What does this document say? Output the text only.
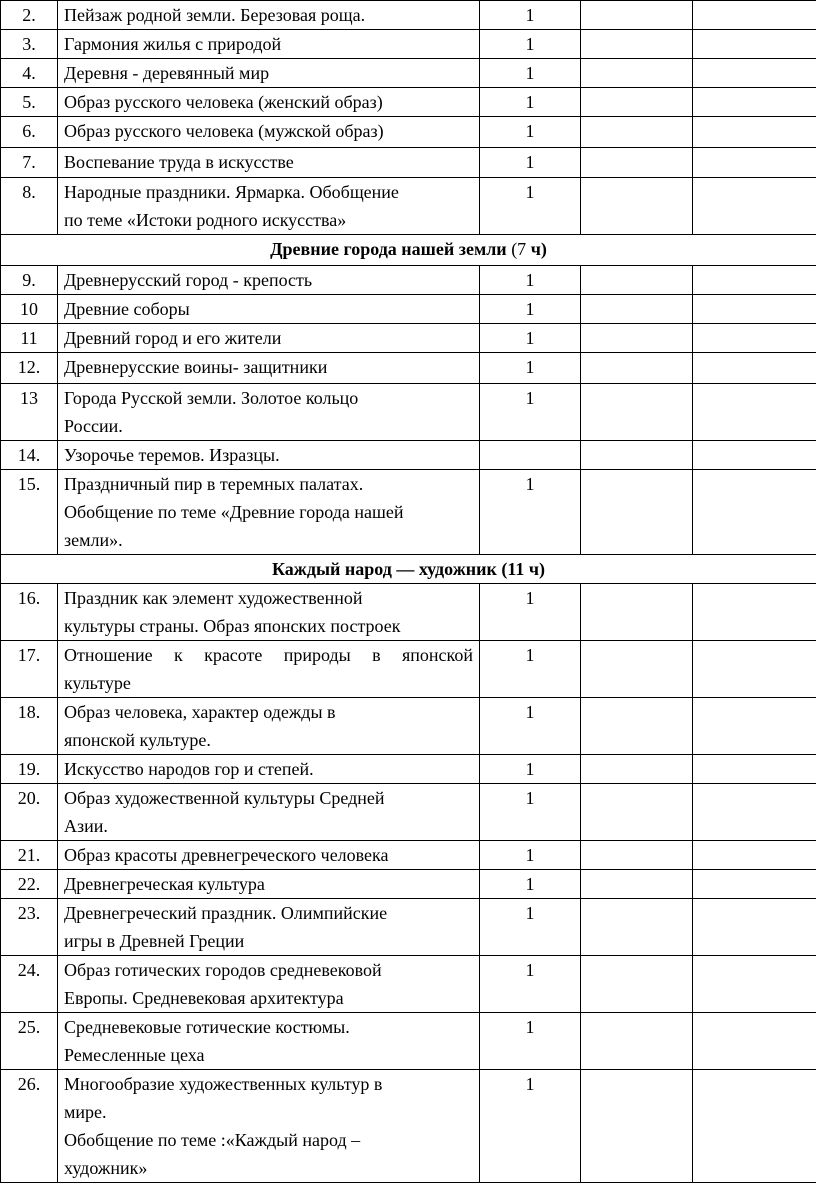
2.	Пейзаж родной земли. Березовая роща.	1		
3.	Гармония жилья с природой	1		
4.	Деревня - деревянный мир	1		
5.	Образ русского человека (женский образ)	1		
6.	Образ русского человека (мужской образ)	1		
7.	Воспевание труда в искусстве	1		
8.	Народные праздники. Ярмарка. Обобщение
по теме «Истоки родного искусства»	1		
Древние города нашей земли (7 ч)				
9.	Древнерусский город - крепость	1		
10	Древние соборы	1		
11	Древний город и его жители	1		
12.	Древнерусские воины- защитники	1		
13	Города Русской земли. Золотое кольцо
России.	1		
14.	Узорочье теремов. Изразцы.			

15.	Праздничный пир в теремных палатах.
Обобщение по теме «Древние города нашей
земли».	1		
Каждый народ — художник (11 ч)				
16.	Праздник как элемент художественной
культуры страны. Образ японских построек	1		
17.	Отношение к красоте природы в японской
культуре	1		
18.	Образ человека, характер одежды в
японской культуре.	1		
19.	Искусство народов гор и степей.	1		
20.	Образ художественной культуры Средней
Азии.	1		
21.	Образ красоты древнегреческого человека	1		
22.	Древнегреческая культура	1		
23.	Древнегреческий праздник. Олимпийские
игры в Древней Греции	1		
24.	Образ готических городов средневековой
Европы. Средневековая архитектура	1		
25.	Средневековые готические костюмы.
Ремесленные цеха	1		
26.	Многообразие художественных культур в
мире.
Обобщение по теме :«Каждый народ –
художник»	1		
